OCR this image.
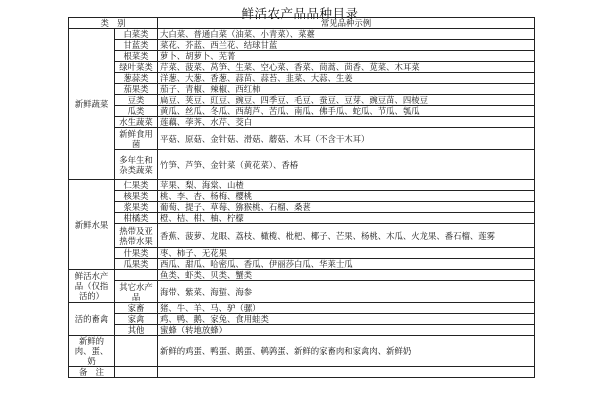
鲜活农产品品种目录
类　别		常见品种示例
新鲜蔬菜	白菜类	大白菜、普通白菜（油菜、小青菜）、菜薹
	甘蓝类	菜花、芥蓝、西兰花、结球甘蓝
	根菜类	萝卜、胡萝卜、芜菁
	绿叶菜类	芹菜、菠菜、莴笋、生菜、空心菜、香菜、茼蒿、茴香、苋菜、木耳菜
	葱蒜类	洋葱、大葱、香葱、蒜苗、蒜苔、韭菜、大蒜、生姜
	茄果类	茄子、青椒、辣椒、西红柿
	豆类	扁豆、荚豆、豇豆、豌豆、四季豆、毛豆、蚕豆、豆芽、豌豆苗、四棱豆
	瓜类	黄瓜、丝瓜、冬瓜、西葫芦、苦瓜、南瓜、佛手瓜、蛇瓜、节瓜、瓠瓜
	水生蔬菜	莲藕、荸荠、水芹、茭白
	新鲜食用菌	平菇、原菇、金针菇、滑菇、蘑菇、木耳（不含干木耳）
	多年生和杂类蔬菜	竹笋、芦笋、金针菜（黄花菜）、香椿
新鲜水果	仁果类	苹果、梨、海棠、山楂
	核果类	桃、李、杏、杨梅、樱桃
	浆果类	葡萄、提子、草莓、猕猴桃、石榴、桑葚
	柑橘类	橙、桔、柑、柚、柠檬
	热带及亚热带水果	香蕉、菠萝、龙眼、荔枝、橄榄、枇杷、椰子、芒果、杨桃、木瓜、火龙果、番石榴、莲雾
	什果类	枣、柿子、无花果
	瓜果类	西瓜、甜瓜、哈密瓜、香瓜、伊丽莎白瓜、华莱士瓜
鲜活水产品（仅指活的）		鱼类、虾类、贝类、蟹类
	其它水产品	海带、紫菜、海蜇、海参
活的畜禽	家畜	猪、牛、羊、马、驴（骡）
	家禽	鸡、鸭、鹅、家兔、食用蛙类
	其他	蜜蜂（转地放蜂）
新鲜的肉、蛋、奶		新鲜的鸡蛋、鸭蛋、鹅蛋、鹌鹑蛋、新鲜的家畜肉和家禽肉、新鲜奶
备　注		
